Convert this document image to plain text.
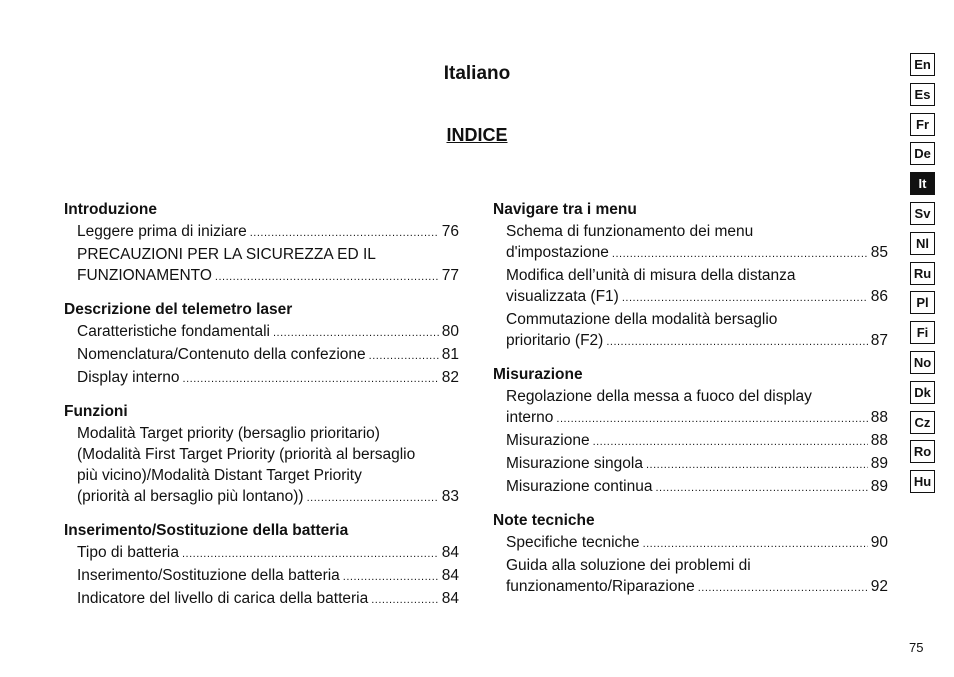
Italiano
INDICE
Introduzione
Leggere prima di iniziare .....	76
PRECAUZIONI PER LA SICUREZZA ED IL
FUNZIONAMENTO .....	77
Descrizione del telemetro laser
Caratteristiche fondamentali .....	80
Nomenclatura/Contenuto della confezione .....	81
Display interno .....	82
Funzioni
Modalità Target priority (bersaglio prioritario)
(Modalità First Target Priority (priorità al bersaglio
più vicino)/Modalità Distant Target Priority
(priorità al bersaglio più lontano)) .....	83
Inserimento/Sostituzione della batteria
Tipo di batteria .....	84
Inserimento/Sostituzione della batteria .....	84
Indicatore del livello di carica della batteria .....	84
Navigare tra i menu
Schema di funzionamento dei menu
d'impostazione .....	85
Modifica dell’unità di misura della distanza
visualizzata (F1) .....	86
Commutazione della modalità bersaglio
prioritario (F2) .....	87
Misurazione
Regolazione della messa a fuoco del display
interno .....	88
Misurazione .....	88
Misurazione singola .....	89
Misurazione continua .....	89
Note tecniche
Specifiche tecniche .....	90
Guida alla soluzione dei problemi di
funzionamento/Riparazione .....	92
En
Es
Fr
De
It
Sv
Nl
Ru
Pl
Fi
No
Dk
Cz
Ro
Hu
75
